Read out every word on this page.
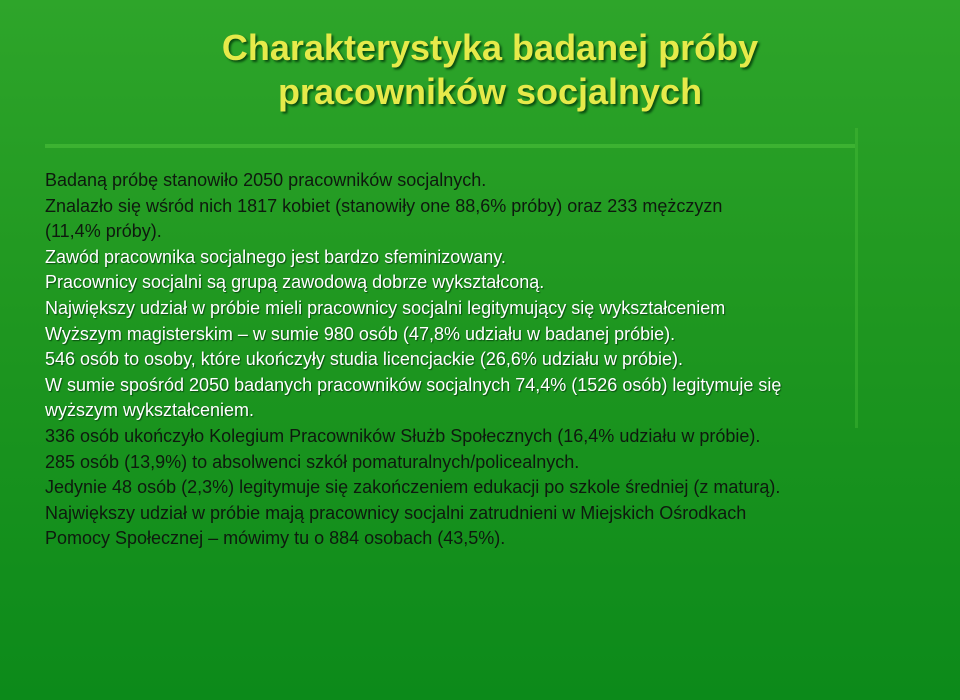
Charakterystyka badanej próby
pracowników socjalnych
Badaną próbę stanowiło 2050 pracowników socjalnych.
Znalazło się wśród nich 1817 kobiet (stanowiły one 88,6% próby) oraz 233 mężczyzn
(11,4% próby).
Zawód pracownika socjalnego jest bardzo sfeminizowany.
Pracownicy socjalni są grupą zawodową dobrze wykształconą.
Największy udział w próbie mieli pracownicy socjalni legitymujący się wykształceniem
Wyższym magisterskim – w sumie 980 osób (47,8% udziału w badanej próbie).
546 osób to osoby, które ukończyły studia licencjackie (26,6% udziału w próbie).
W sumie spośród 2050 badanych pracowników socjalnych 74,4% (1526 osób) legitymuje się
wyższym wykształceniem.
336 osób ukończyło Kolegium Pracowników Służb Społecznych (16,4% udziału w próbie).
285 osób (13,9%) to absolwenci szkół pomaturalnych/policealnych.
Jedynie 48 osób (2,3%) legitymuje się zakończeniem edukacji po szkole średniej (z maturą).
Największy udział w próbie mają pracownicy socjalni zatrudnieni w Miejskich Ośrodkach
Pomocy Społecznej – mówimy tu o 884 osobach (43,5%).
